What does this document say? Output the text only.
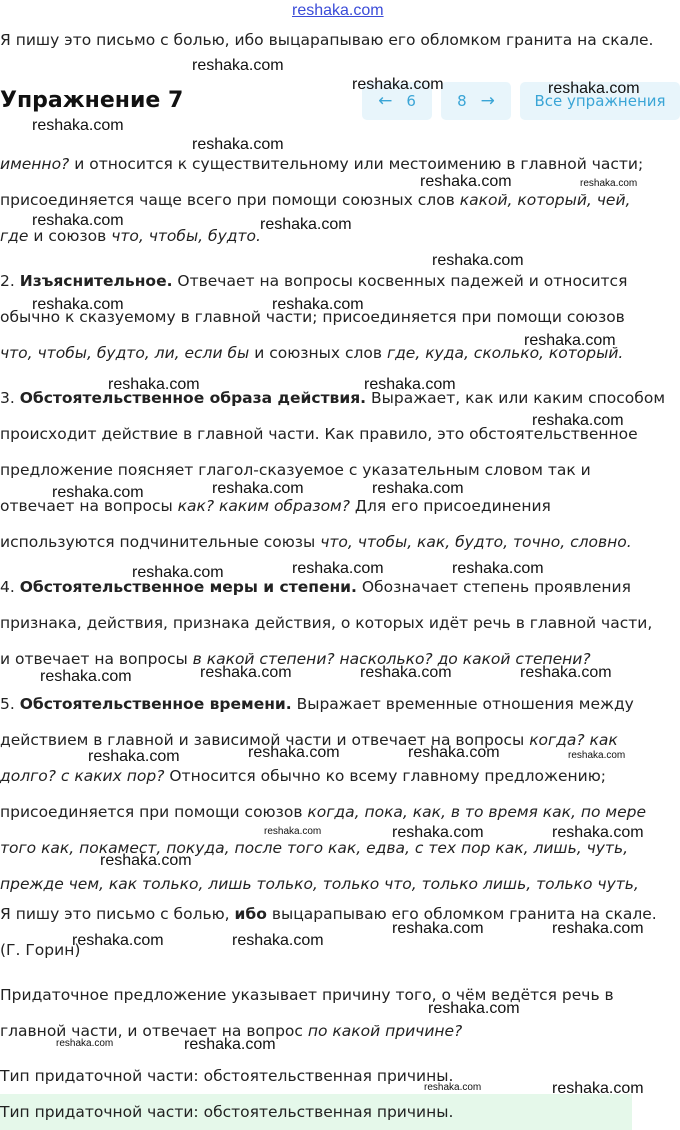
reshaka.com
Я пишу это письмо с болью, ибо выцарапываю его обломком гранита на скале.
Упражнение 7	← 6	8 →	Все упражнения
именно? и относится к существительному или местоимению в главной части;
присоединяется чаще всего при помощи союзных слов какой, который, чей,
где и союзов что, чтобы, будто.
2. Изъяснительное. Отвечает на вопросы косвенных падежей и относится
обычно к сказуемому в главной части; присоединяется при помощи союзов
что, чтобы, будто, ли, если бы и союзных слов где, куда, сколько, который.
3. Обстоятельственное образа действия. Выражает, как или каким способом
происходит действие в главной части. Как правило, это обстоятельственное
предложение поясняет глагол-сказуемое с указательным словом так и
отвечает на вопросы как? каким образом? Для его присоединения
используются подчинительные союзы что, чтобы, как, будто, точно, словно.
4. Обстоятельственное меры и степени. Обозначает степень проявления
признака, действия, признака действия, о которых идёт речь в главной части,
и отвечает на вопросы в какой степени? насколько? до какой степени?
5. Обстоятельственное времени. Выражает временные отношения между
действием в главной и зависимой части и отвечает на вопросы когда? как
долго? с каких пор? Относится обычно ко всему главному предложению;
присоединяется при помощи союзов когда, пока, как, в то время как, по мере
того как, покамест, покуда, после того как, едва, с тех пор как, лишь, чуть,
прежде чем, как только, лишь только, только что, только лишь, только чуть,
Я пишу это письмо с болью, ибо выцарапываю его обломком гранита на скале.
(Г. Горин)
Придаточное предложение указывает причину того, о чём ведётся речь в
главной части, и отвечает на вопрос по какой причине?
Тип придаточной части: обстоятельственная причины.
Тип придаточной части: обстоятельственная причины.
reshaka.com
reshaka.com	reshaka.com
reshaka.com
reshaka.com
reshaka.com	reshaka.com
reshaka.com	reshaka.com
reshaka.com
reshaka.com	reshaka.com
reshaka.com
reshaka.com	reshaka.com
reshaka.com
reshaka.com	reshaka.com	reshaka.com
reshaka.com	reshaka.com	reshaka.com
reshaka.com	reshaka.com	reshaka.com	reshaka.com
reshaka.com	reshaka.com	reshaka.com	reshaka.com
reshaka.com	reshaka.com	reshaka.com
reshaka.com
reshaka.com	reshaka.com
reshaka.com	reshaka.com
reshaka.com
reshaka.com	reshaka.com
reshaka.com	reshaka.com
